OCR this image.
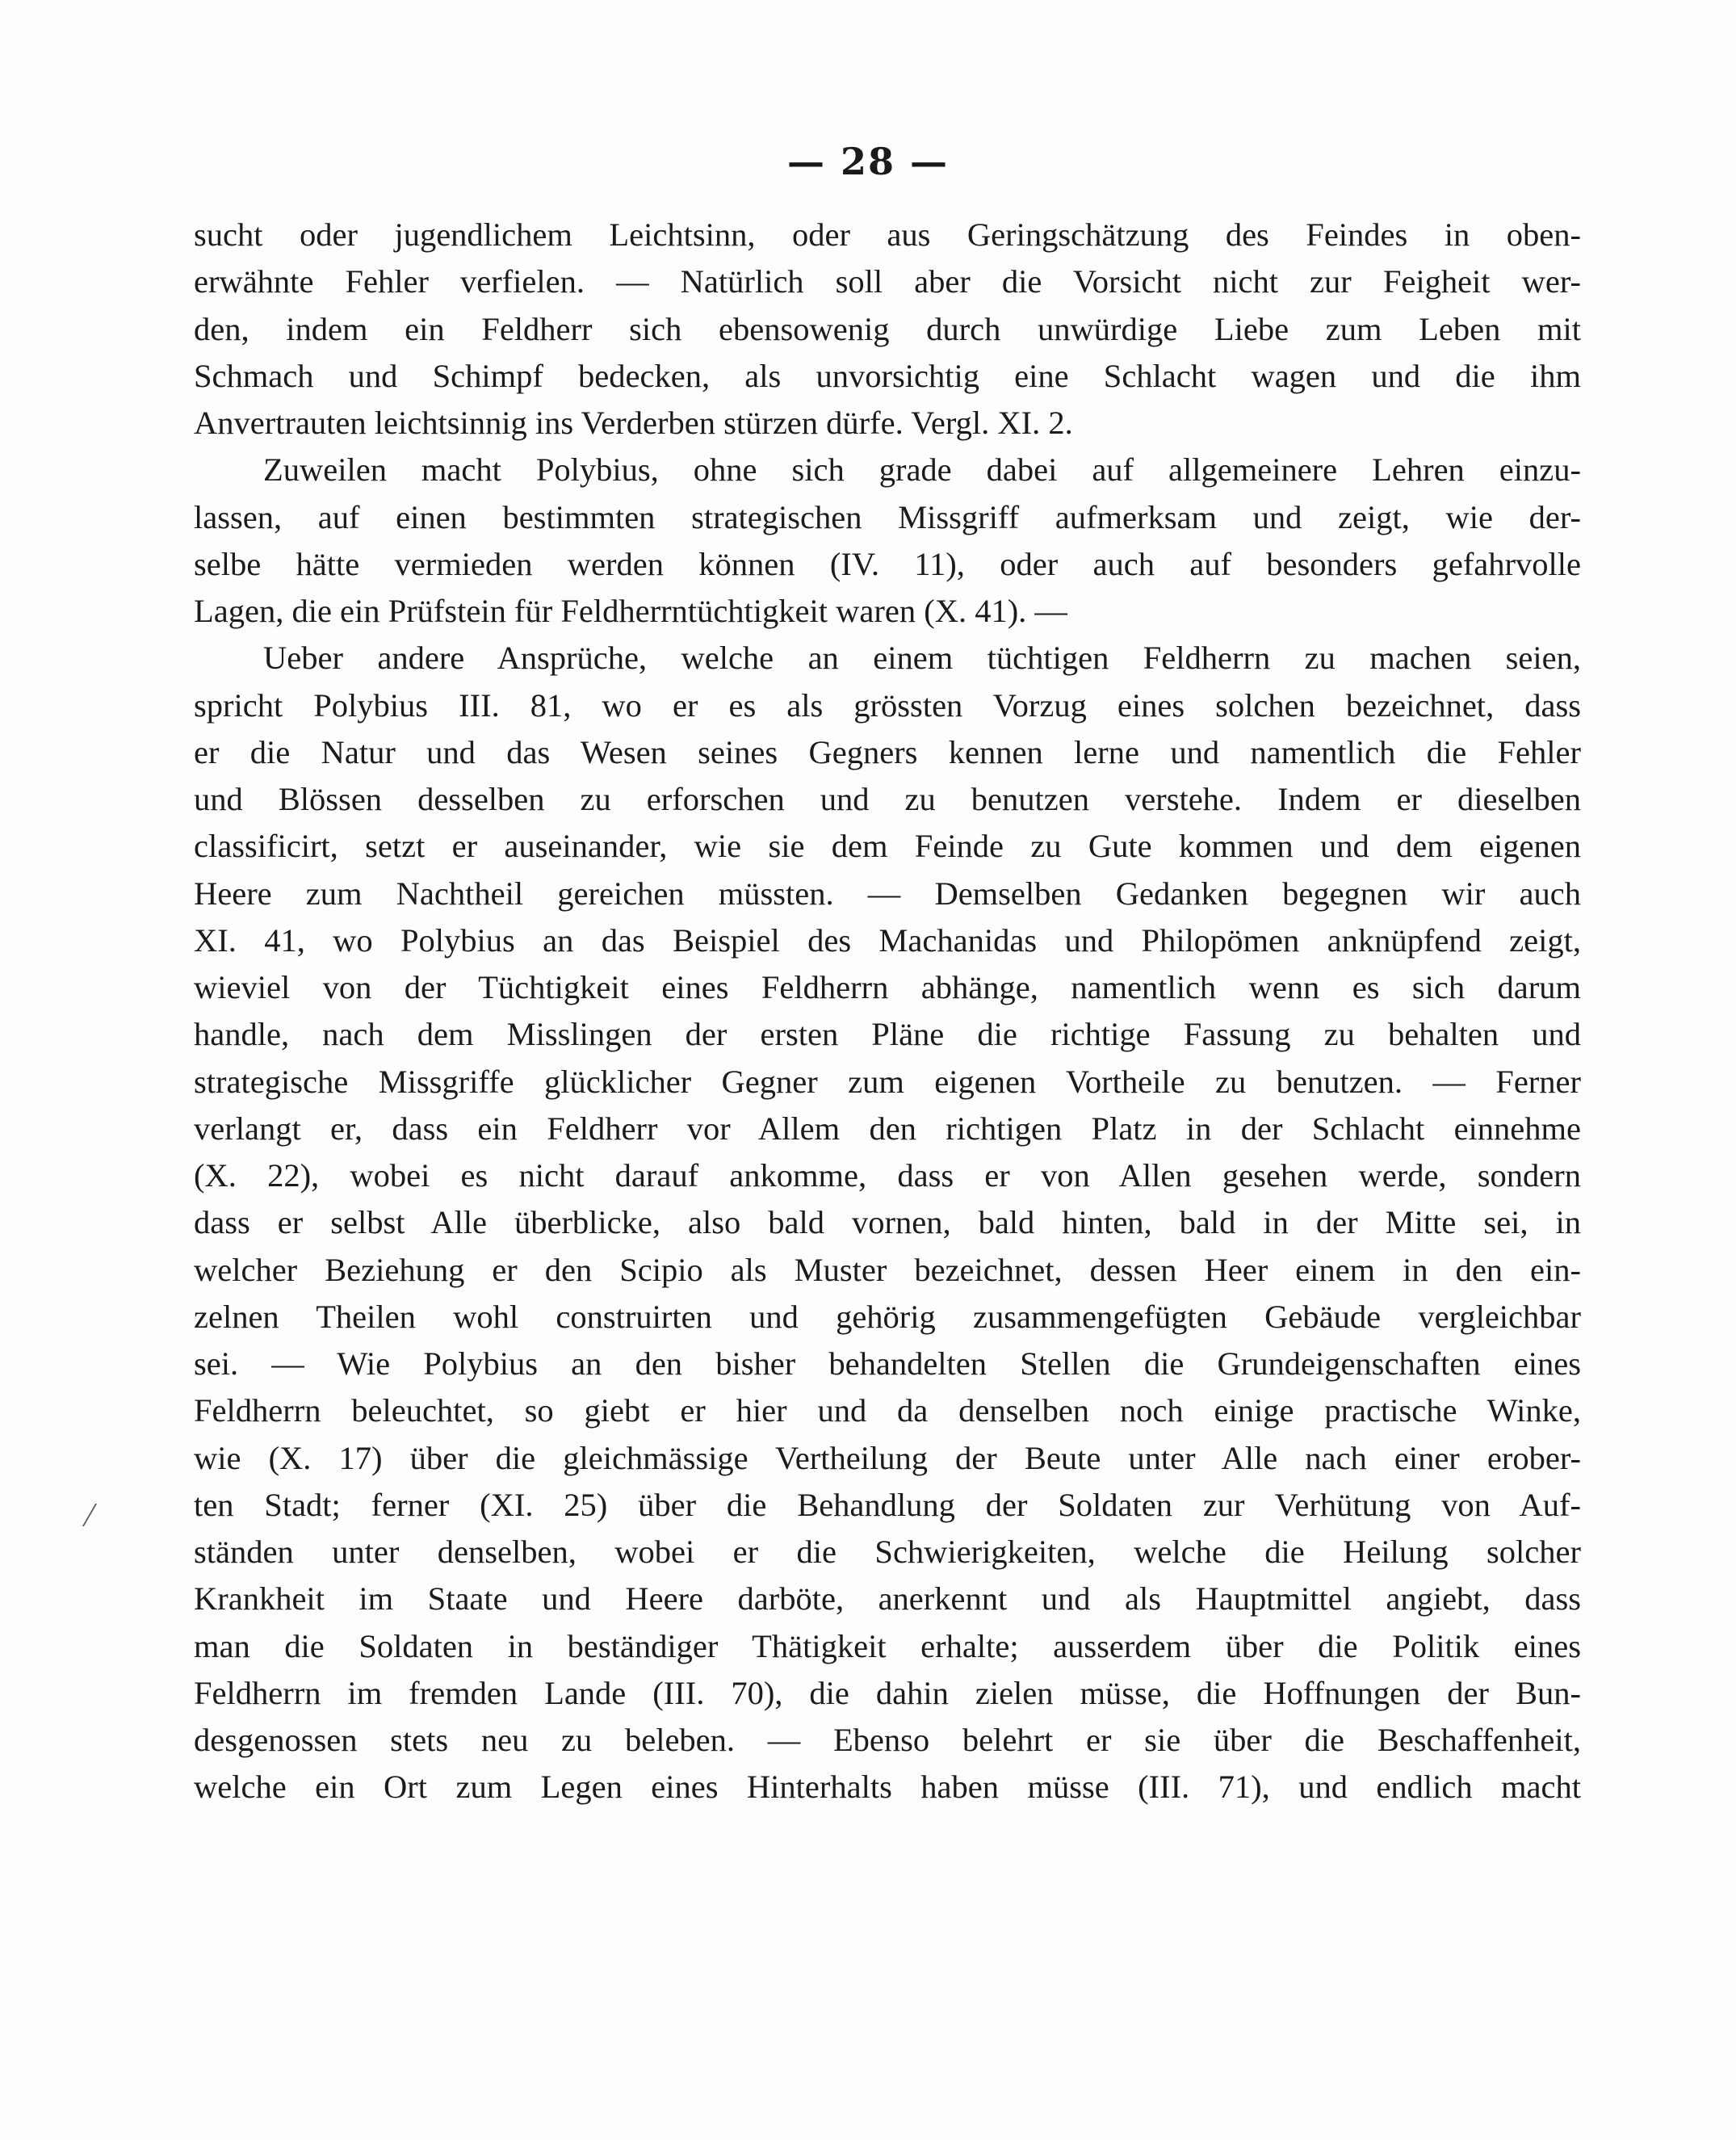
— 28 —
sucht oder jugendlichem Leichtsinn, oder aus Geringschätzung des Feindes in oben-
erwähnte Fehler verfielen. — Natürlich soll aber die Vorsicht nicht zur Feigheit wer-
den, indem ein Feldherr sich ebensowenig durch unwürdige Liebe zum Leben mit
Schmach und Schimpf bedecken, als unvorsichtig eine Schlacht wagen und die ihm
Anvertrauten leichtsinnig ins Verderben stürzen dürfe. Vergl. XI. 2.
Zuweilen macht Polybius, ohne sich grade dabei auf allgemeinere Lehren einzu-
lassen, auf einen bestimmten strategischen Missgriff aufmerksam und zeigt, wie der-
selbe hätte vermieden werden können (IV. 11), oder auch auf besonders gefahrvolle
Lagen, die ein Prüfstein für Feldherrntüchtigkeit waren (X. 41). —
Ueber andere Ansprüche, welche an einem tüchtigen Feldherrn zu machen seien,
spricht Polybius III. 81, wo er es als grössten Vorzug eines solchen bezeichnet, dass
er die Natur und das Wesen seines Gegners kennen lerne und namentlich die Fehler
und Blössen desselben zu erforschen und zu benutzen verstehe. Indem er dieselben
classificirt, setzt er auseinander, wie sie dem Feinde zu Gute kommen und dem eigenen
Heere zum Nachtheil gereichen müssten. — Demselben Gedanken begegnen wir auch
XI. 41, wo Polybius an das Beispiel des Machanidas und Philopömen anknüpfend zeigt,
wieviel von der Tüchtigkeit eines Feldherrn abhänge, namentlich wenn es sich darum
handle, nach dem Misslingen der ersten Pläne die richtige Fassung zu behalten und
strategische Missgriffe glücklicher Gegner zum eigenen Vortheile zu benutzen. — Ferner
verlangt er, dass ein Feldherr vor Allem den richtigen Platz in der Schlacht einnehme
(X. 22), wobei es nicht darauf ankomme, dass er von Allen gesehen werde, sondern
dass er selbst Alle überblicke, also bald vornen, bald hinten, bald in der Mitte sei, in
welcher Beziehung er den Scipio als Muster bezeichnet, dessen Heer einem in den ein-
zelnen Theilen wohl construirten und gehörig zusammengefügten Gebäude vergleichbar
sei. — Wie Polybius an den bisher behandelten Stellen die Grundeigenschaften eines
Feldherrn beleuchtet, so giebt er hier und da denselben noch einige practische Winke,
wie (X. 17) über die gleichmässige Vertheilung der Beute unter Alle nach einer erober-
ten Stadt; ferner (XI. 25) über die Behandlung der Soldaten zur Verhütung von Auf-
ständen unter denselben, wobei er die Schwierigkeiten, welche die Heilung solcher
Krankheit im Staate und Heere darböte, anerkennt und als Hauptmittel angiebt, dass
man die Soldaten in beständiger Thätigkeit erhalte; ausserdem über die Politik eines
Feldherrn im fremden Lande (III. 70), die dahin zielen müsse, die Hoffnungen der Bun-
desgenossen stets neu zu beleben. — Ebenso belehrt er sie über die Beschaffenheit,
welche ein Ort zum Legen eines Hinterhalts haben müsse (III. 71), und endlich macht
